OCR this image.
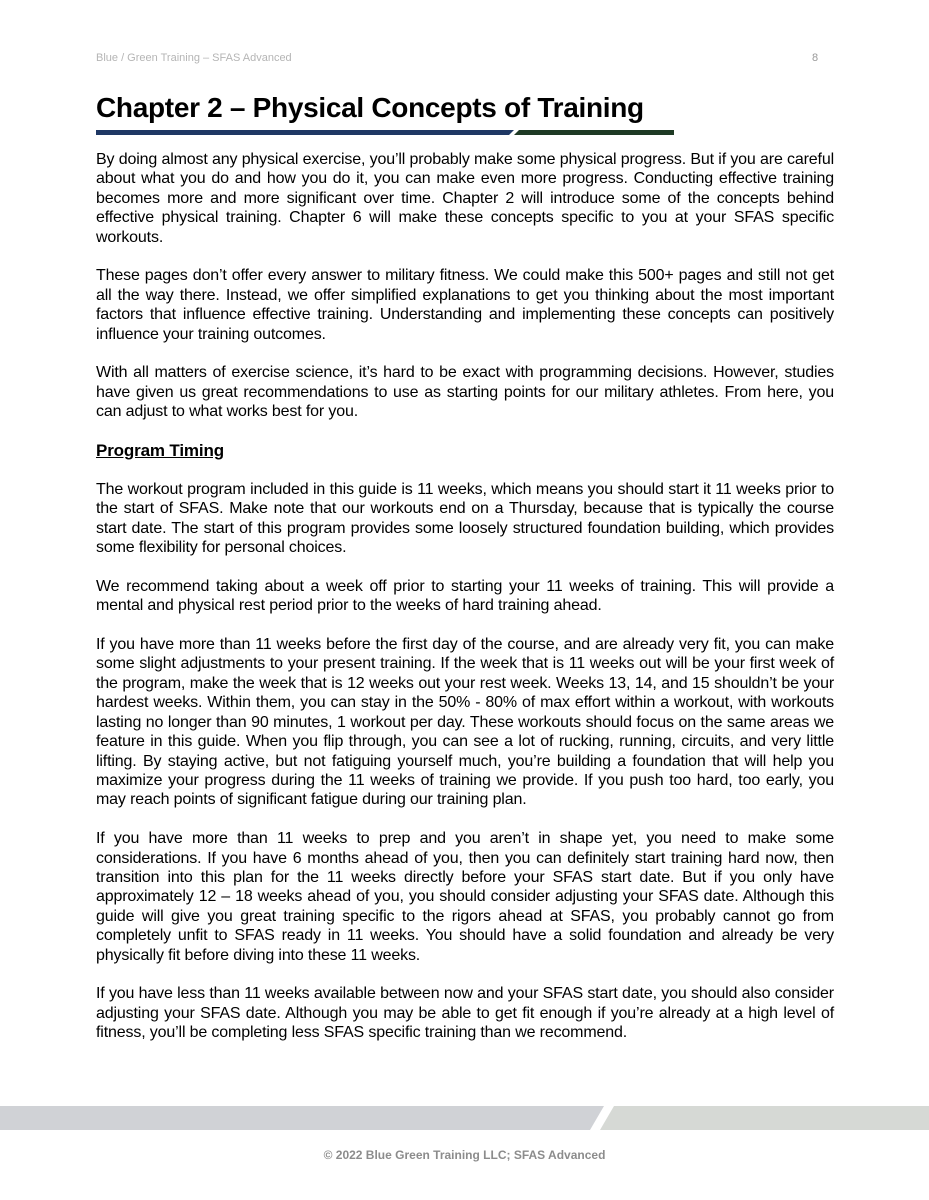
Blue / Green Training – SFAS Advanced	8
Chapter 2 – Physical Concepts of Training

By doing almost any physical exercise, you’ll probably make some physical progress. But if you are careful about what you do and how you do it, you can make even more progress. Conducting effective training becomes more and more significant over time. Chapter 2 will introduce some of the concepts behind effective physical training. Chapter 6 will make these concepts specific to you at your SFAS specific workouts.

These pages don’t offer every answer to military fitness. We could make this 500+ pages and still not get all the way there. Instead, we offer simplified explanations to get you thinking about the most important factors that influence effective training. Understanding and implementing these concepts can positively influence your training outcomes.

With all matters of exercise science, it’s hard to be exact with programming decisions. However, studies have given us great recommendations to use as starting points for our military athletes. From here, you can adjust to what works best for you.

Program Timing

The workout program included in this guide is 11 weeks, which means you should start it 11 weeks prior to the start of SFAS. Make note that our workouts end on a Thursday, because that is typically the course start date. The start of this program provides some loosely structured foundation building, which provides some flexibility for personal choices.

We recommend taking about a week off prior to starting your 11 weeks of training. This will provide a mental and physical rest period prior to the weeks of hard training ahead.

If you have more than 11 weeks before the first day of the course, and are already very fit, you can make some slight adjustments to your present training. If the week that is 11 weeks out will be your first week of the program, make the week that is 12 weeks out your rest week. Weeks 13, 14, and 15 shouldn’t be your hardest weeks. Within them, you can stay in the 50% - 80% of max effort within a workout, with workouts lasting no longer than 90 minutes, 1 workout per day. These workouts should focus on the same areas we feature in this guide. When you flip through, you can see a lot of rucking, running, circuits, and very little lifting. By staying active, but not fatiguing yourself much, you’re building a foundation that will help you maximize your progress during the 11 weeks of training we provide. If you push too hard, too early, you may reach points of significant fatigue during our training plan.

If you have more than 11 weeks to prep and you aren’t in shape yet, you need to make some considerations. If you have 6 months ahead of you, then you can definitely start training hard now, then transition into this plan for the 11 weeks directly before your SFAS start date. But if you only have approximately 12 – 18 weeks ahead of you, you should consider adjusting your SFAS date. Although this guide will give you great training specific to the rigors ahead at SFAS, you probably cannot go from completely unfit to SFAS ready in 11 weeks. You should have a solid foundation and already be very physically fit before diving into these 11 weeks.

If you have less than 11 weeks available between now and your SFAS start date, you should also consider adjusting your SFAS date. Although you may be able to get fit enough if you’re already at a high level of fitness, you’ll be completing less SFAS specific training than we recommend.

© 2022 Blue Green Training LLC; SFAS Advanced
